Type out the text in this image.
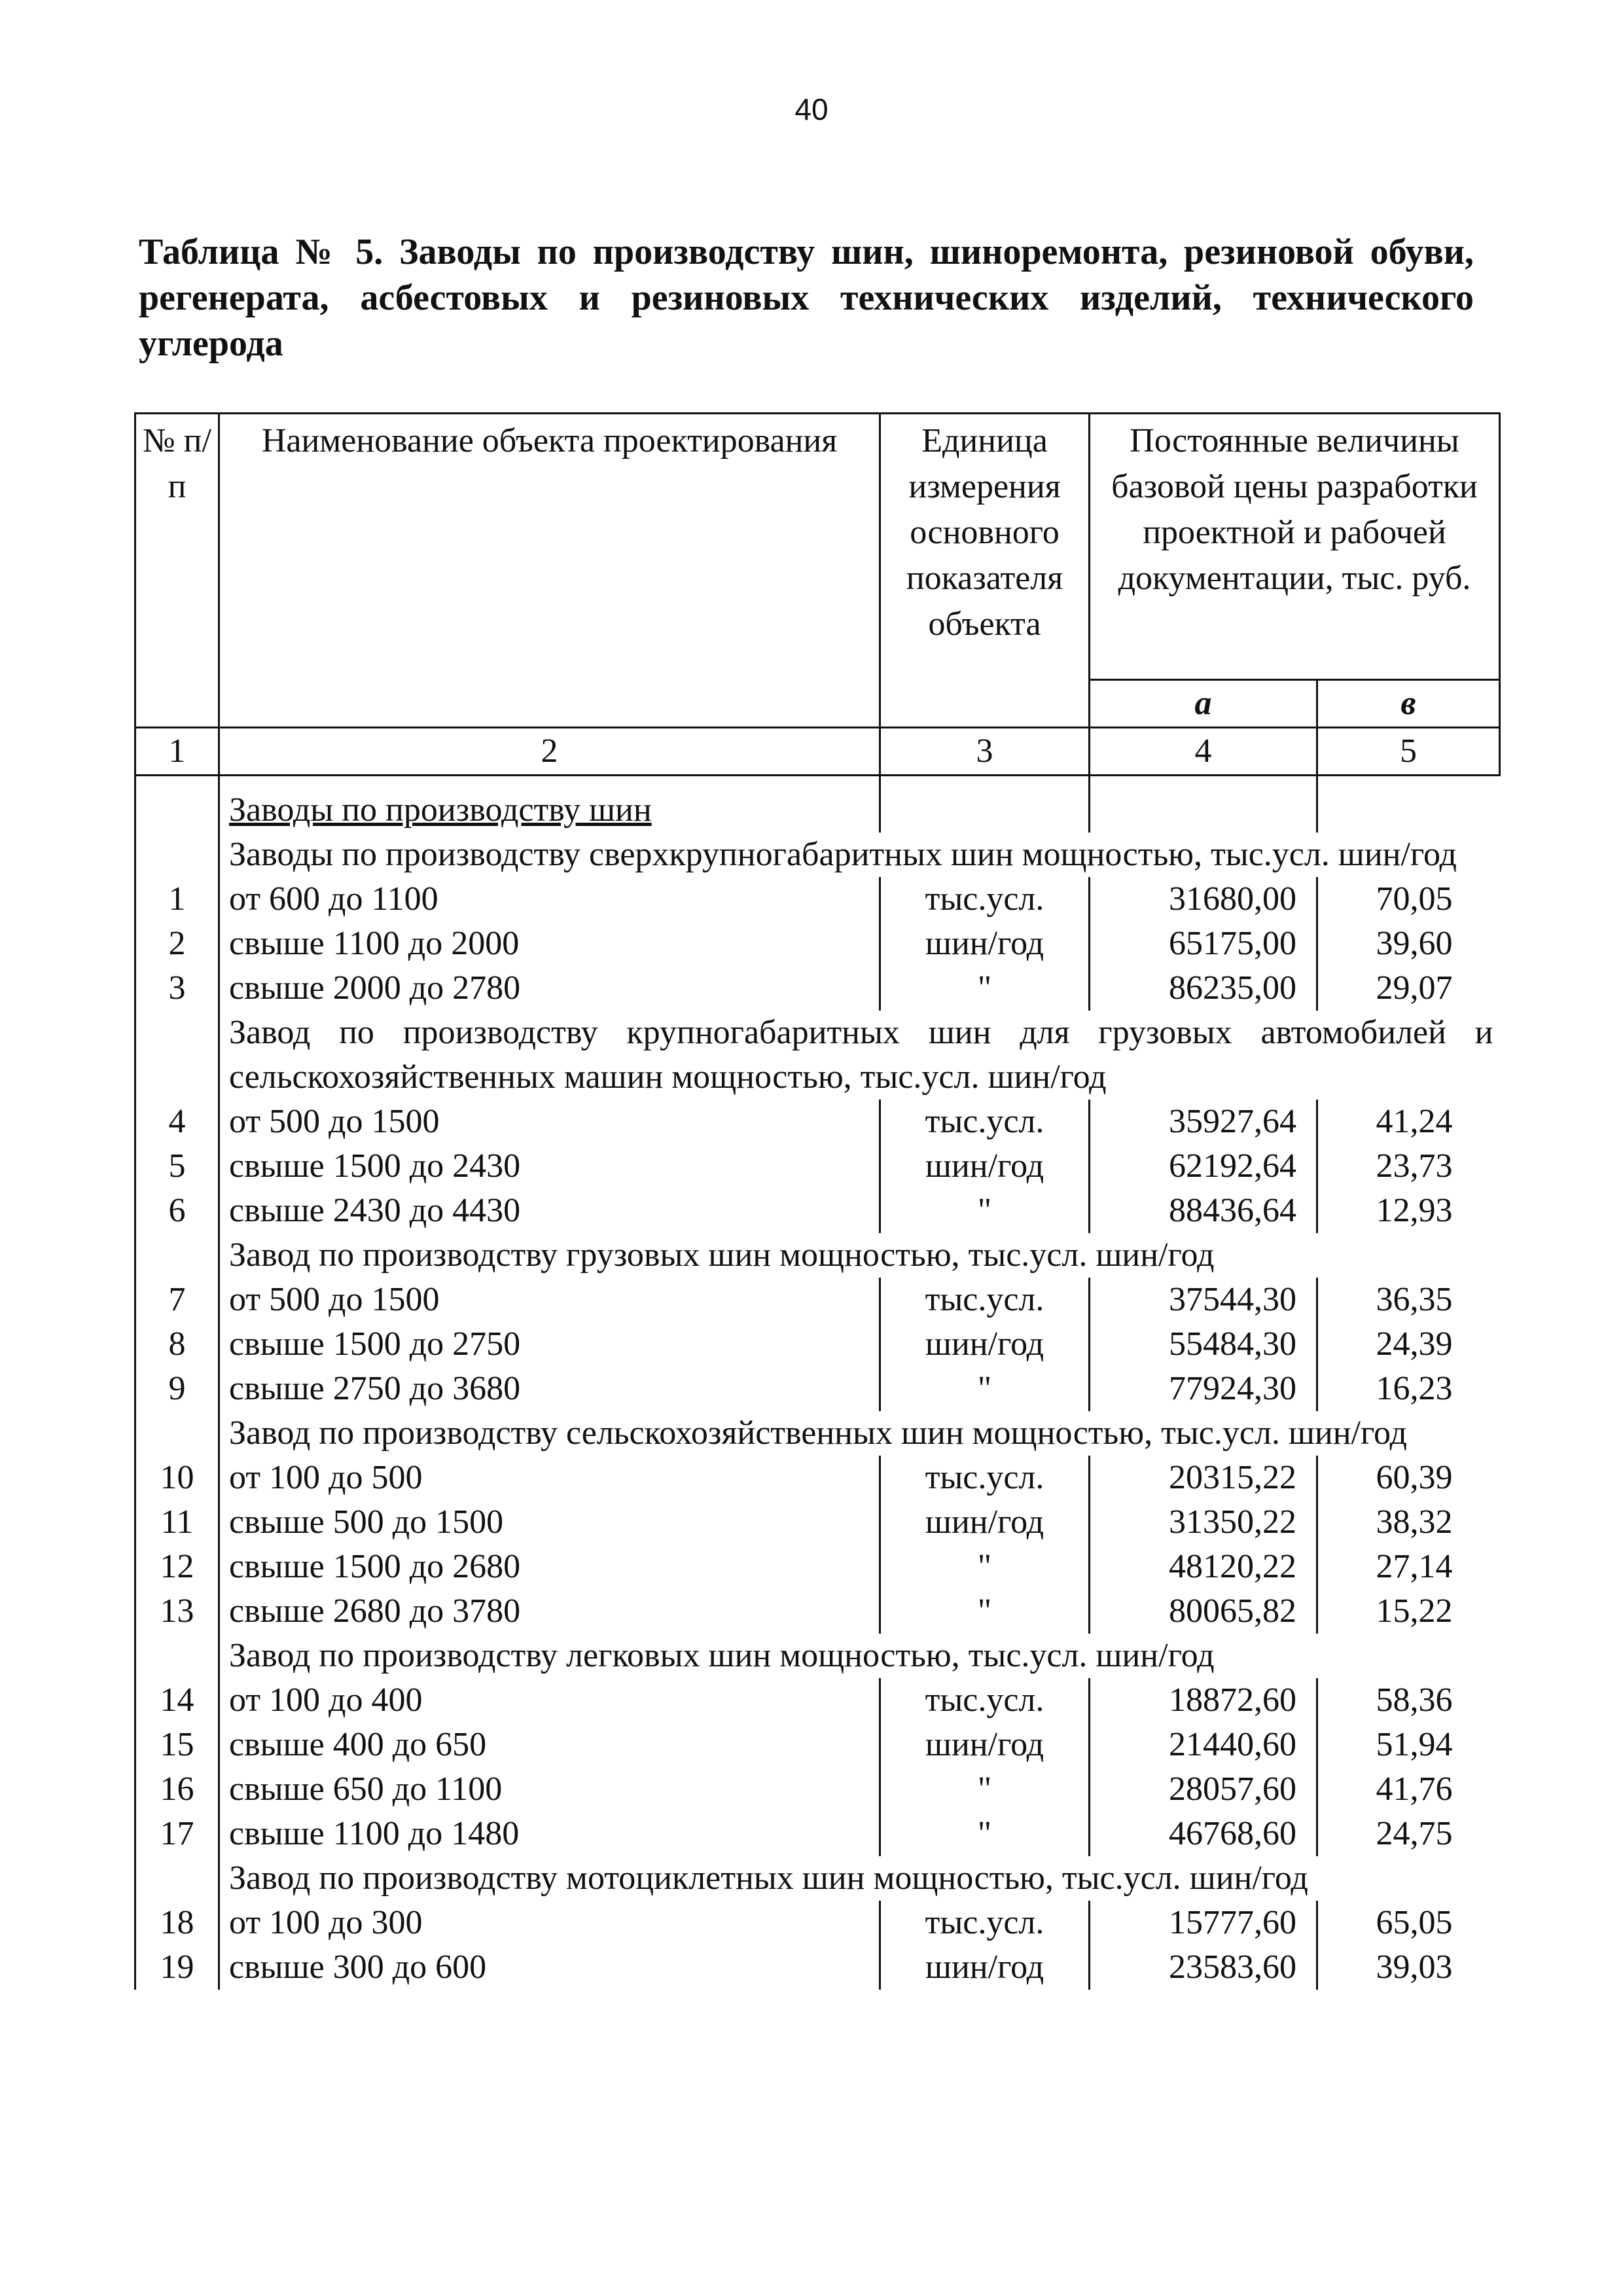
40
Таблица № 5. Заводы по производству шин, шиноремонта, резиновой обуви, регенерата, асбестовых и резиновых технических изделий, технического углерода
№ п/п	Наименование объекта проектирования	Единица измерения основного показателя объекта	Постоянные величины базовой цены разработки проектной и рабочей документации, тыс. руб.	
			а	в
1	2	3	4	5

	Заводы по производству шин			
	Заводы по производству сверхкрупногабаритных шин мощностью, тыс.усл. шин/год			
1	от 600 до 1100	тыс.усл.	31680,00	70,05
2	свыше 1100 до 2000	шин/год	65175,00	39,60
3	свыше 2000 до 2780	"	86235,00	29,07
	Завод по производству крупногабаритных шин для грузовых автомобилей и сельскохозяйственных машин мощностью, тыс.усл. шин/год			
4	от 500 до 1500	тыс.усл.	35927,64	41,24
5	свыше 1500 до 2430	шин/год	62192,64	23,73
6	свыше 2430 до 4430	"	88436,64	12,93
	Завод по производству грузовых шин мощностью, тыс.усл. шин/год			
7	от 500 до 1500	тыс.усл.	37544,30	36,35
8	свыше 1500 до 2750	шин/год	55484,30	24,39
9	свыше 2750 до 3680	"	77924,30	16,23
	Завод по производству сельскохозяйственных шин мощностью, тыс.усл. шин/год			
10	от 100 до 500	тыс.усл.	20315,22	60,39
11	свыше 500 до 1500	шин/год	31350,22	38,32
12	свыше 1500 до 2680	"	48120,22	27,14
13	свыше 2680 до 3780	"	80065,82	15,22
	Завод по производству легковых шин мощностью, тыс.усл. шин/год			
14	от 100 до 400	тыс.усл.	18872,60	58,36
15	свыше 400 до 650	шин/год	21440,60	51,94
16	свыше 650 до 1100	"	28057,60	41,76
17	свыше 1100 до 1480	"	46768,60	24,75
	Завод по производству мотоциклетных шин мощностью, тыс.усл. шин/год			
18	от 100 до 300	тыс.усл.	15777,60	65,05
19	свыше 300 до 600	шин/год	23583,60	39,03
